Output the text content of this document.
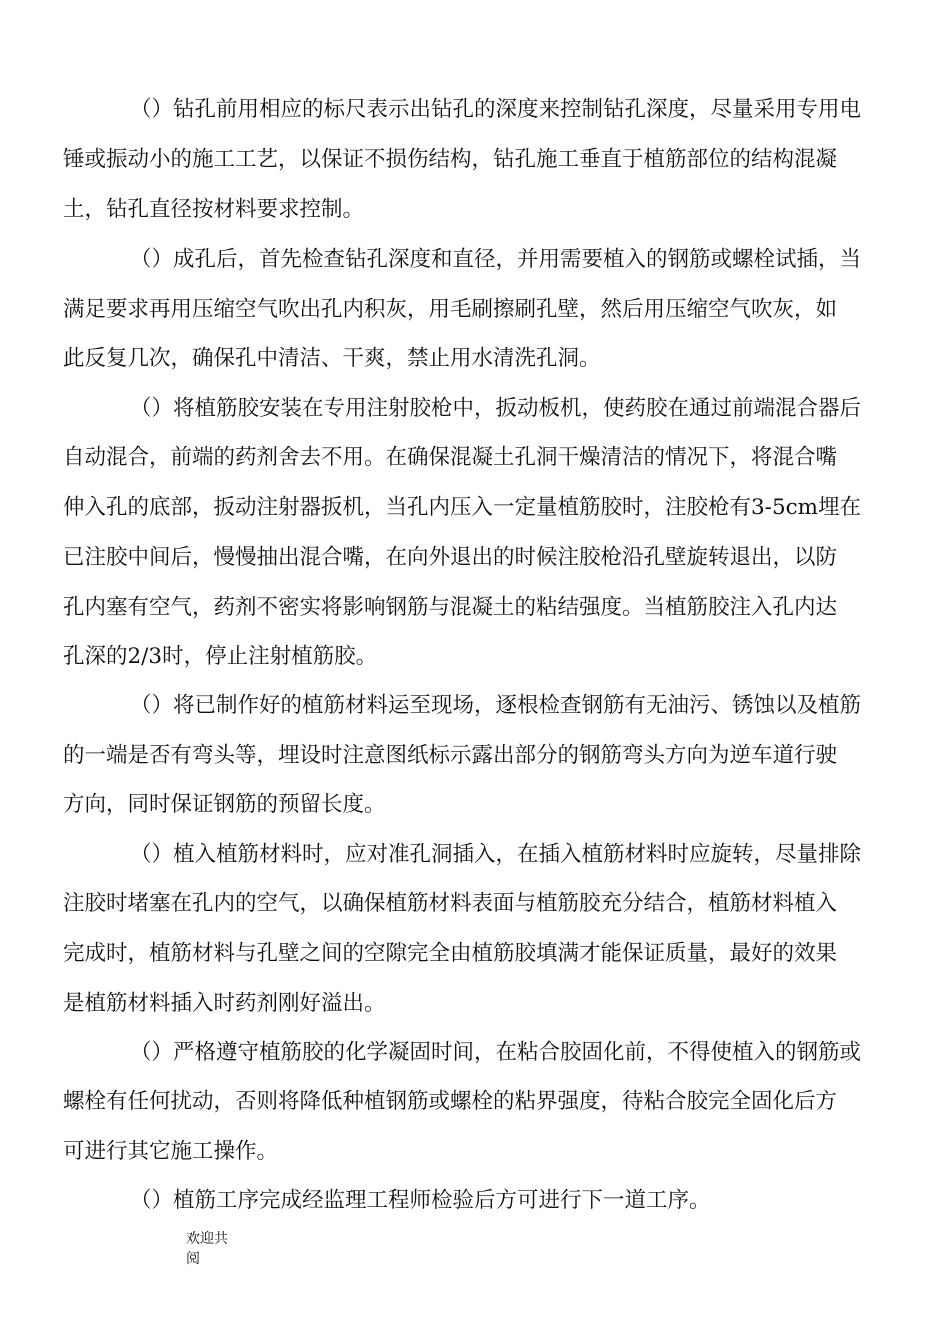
（）钻孔前用相应的标尺表示出钻孔的深度来控制钻孔深度，尽量采用专用电
锤或振动小的施工工艺，以保证不损伤结构，钻孔施工垂直于植筋部位的结构混凝
土，钻孔直径按材料要求控制。
（）成孔后，首先检查钻孔深度和直径，并用需要植入的钢筋或螺栓试插，当
满足要求再用压缩空气吹出孔内积灰，用毛刷擦刷孔壁，然后用压缩空气吹灰，如
此反复几次，确保孔中清洁、干爽，禁止用水清洗孔洞。
（）将植筋胶安装在专用注射胶枪中，扳动板机，使药胶在通过前端混合器后
自动混合，前端的药剂舍去不用。在确保混凝土孔洞干燥清洁的情况下，将混合嘴
伸入孔的底部，扳动注射器扳机，当孔内压入一定量植筋胶时，注胶枪有3-5cm埋在
已注胶中间后，慢慢抽出混合嘴，在向外退出的时候注胶枪沿孔壁旋转退出，以防
孔内塞有空气，药剂不密实将影响钢筋与混凝土的粘结强度。当植筋胶注入孔内达
孔深的2/3时，停止注射植筋胶。
（）将已制作好的植筋材料运至现场，逐根检查钢筋有无油污、锈蚀以及植筋
的一端是否有弯头等，埋设时注意图纸标示露出部分的钢筋弯头方向为逆车道行驶
方向，同时保证钢筋的预留长度。
（）植入植筋材料时，应对准孔洞插入，在插入植筋材料时应旋转，尽量排除
注胶时堵塞在孔内的空气，以确保植筋材料表面与植筋胶充分结合，植筋材料植入
完成时，植筋材料与孔壁之间的空隙完全由植筋胶填满才能保证质量，最好的效果
是植筋材料插入时药剂刚好溢出。
（）严格遵守植筋胶的化学凝固时间，在粘合胶固化前，不得使植入的钢筋或
螺栓有任何扰动，否则将降低种植钢筋或螺栓的粘界强度，待粘合胶完全固化后方
可进行其它施工操作。
（）植筋工序完成经监理工程师检验后方可进行下一道工序。
欢迎共
阅
